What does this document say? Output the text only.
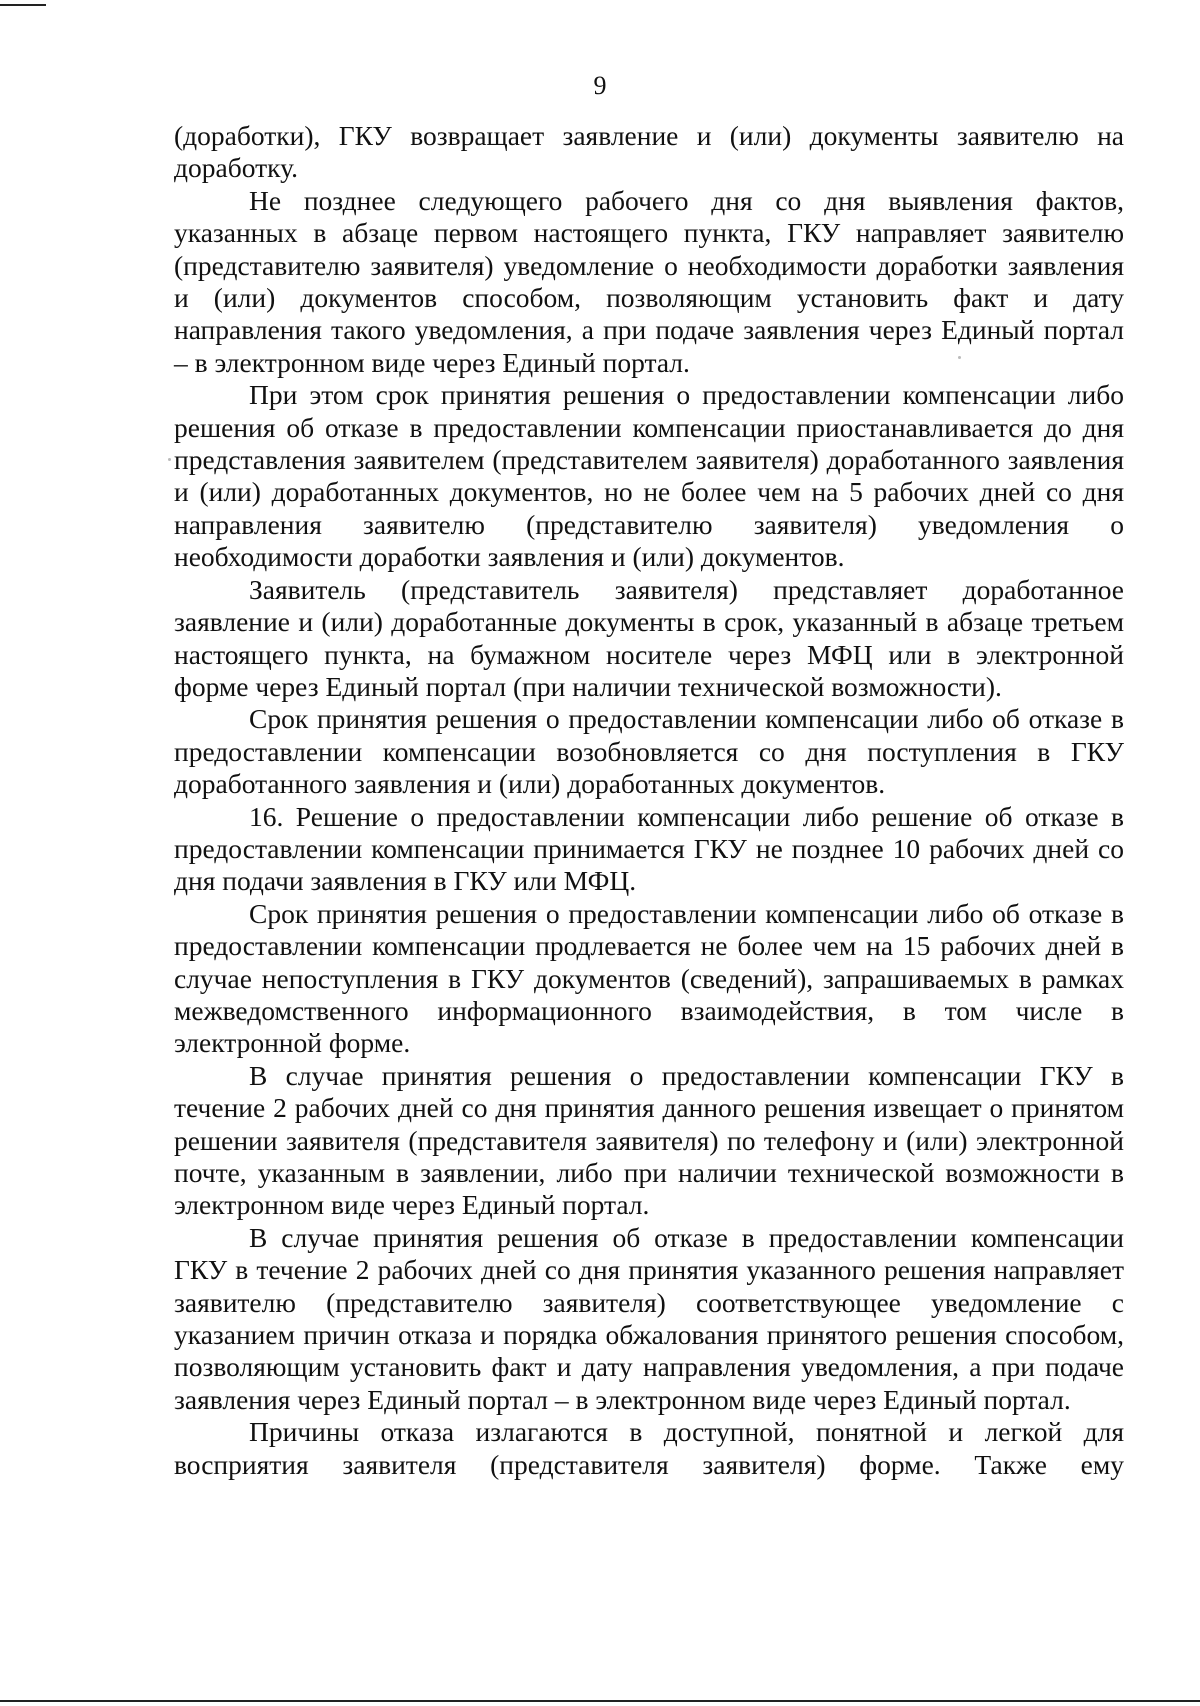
9

(доработки), ГКУ возвращает заявление и (или) документы заявителю на доработку.

Не позднее следующего рабочего дня со дня выявления фактов, указанных в абзаце первом настоящего пункта, ГКУ направляет заявителю (представителю заявителя) уведомление о необходимости доработки заявления и (или) документов способом, позволяющим установить факт и дату направления такого уведомления, а при подаче заявления через Единый портал – в электронном виде через Единый портал.

При этом срок принятия решения о предоставлении компенсации либо решения об отказе в предоставлении компенсации приостанавливается до дня представления заявителем (представителем заявителя) доработанного заявления и (или) доработанных документов, но не более чем на 5 рабочих дней со дня направления заявителю (представителю заявителя) уведомления о необходимости доработки заявления и (или) документов.

Заявитель (представитель заявителя) представляет доработанное заявление и (или) доработанные документы в срок, указанный в абзаце третьем настоящего пункта, на бумажном носителе через МФЦ или в электронной форме через Единый портал (при наличии технической возможности).

Срок принятия решения о предоставлении компенсации либо об отказе в предоставлении компенсации возобновляется со дня поступления в ГКУ доработанного заявления и (или) доработанных документов.

16. Решение о предоставлении компенсации либо решение об отказе в предоставлении компенсации принимается ГКУ не позднее 10 рабочих дней со дня подачи заявления в ГКУ или МФЦ.

Срок принятия решения о предоставлении компенсации либо об отказе в предоставлении компенсации продлевается не более чем на 15 рабочих дней в случае непоступления в ГКУ документов (сведений), запрашиваемых в рамках межведомственного информационного взаимодействия, в том числе в электронной форме.

В случае принятия решения о предоставлении компенсации ГКУ в течение 2 рабочих дней со дня принятия данного решения извещает о принятом решении заявителя (представителя заявителя) по телефону и (или) электронной почте, указанным в заявлении, либо при наличии технической возможности в электронном виде через Единый портал.

В случае принятия решения об отказе в предоставлении компенсации ГКУ в течение 2 рабочих дней со дня принятия указанного решения направляет заявителю (представителю заявителя) соответствующее уведомление с указанием причин отказа и порядка обжалования принятого решения способом, позволяющим установить факт и дату направления уведомления, а при подаче заявления через Единый портал – в электронном виде через Единый портал.

Причины отказа излагаются в доступной, понятной и легкой для восприятия заявителя (представителя заявителя) форме. Также ему
